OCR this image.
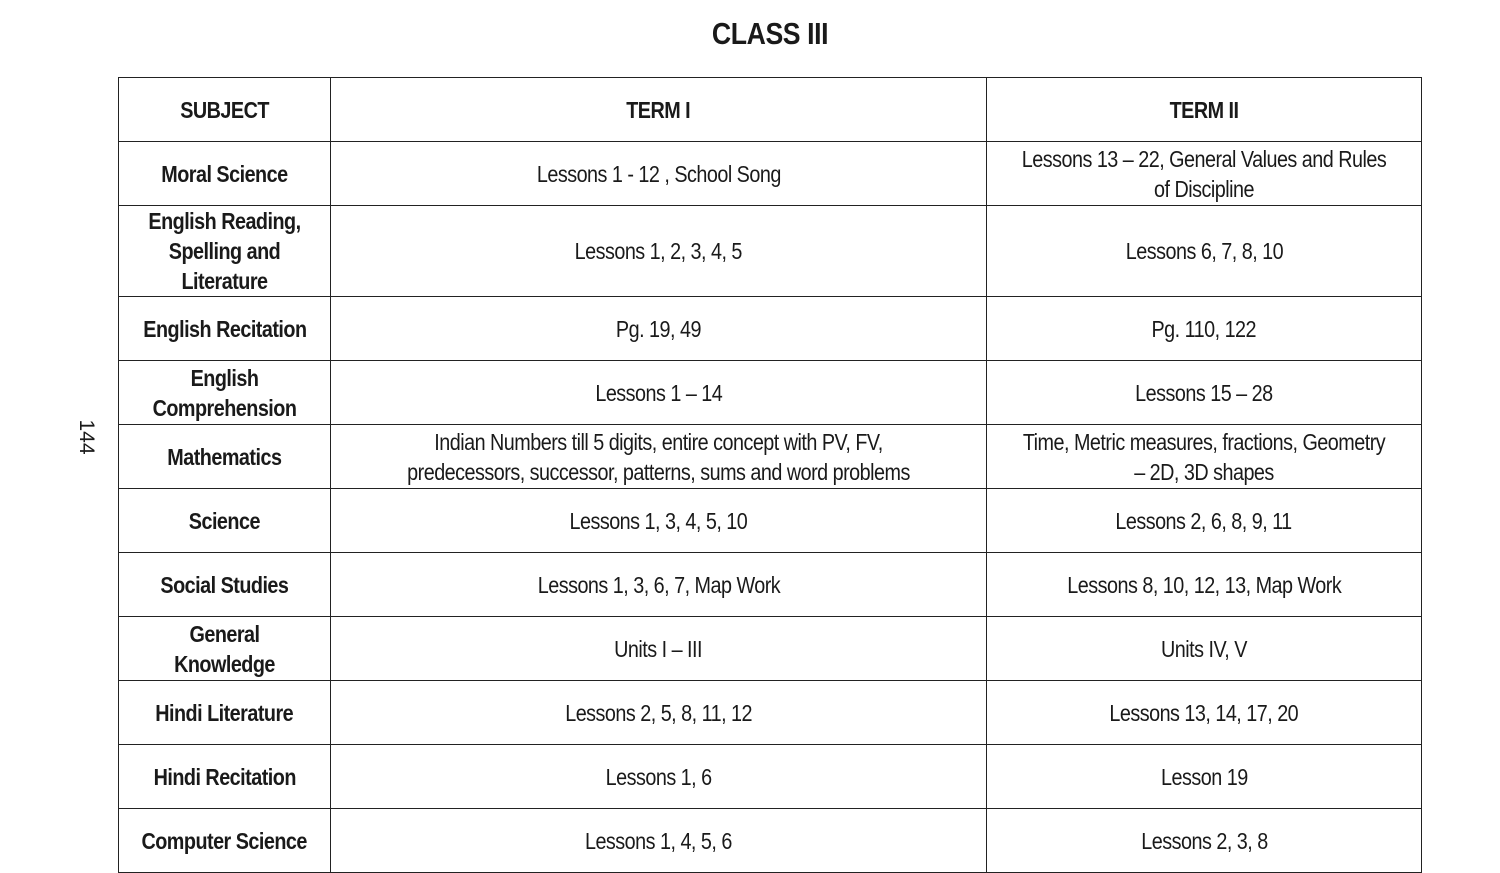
CLASS III
144
SUBJECT	TERM I	TERM II
Moral Science	Lessons 1 - 12 , School Song	Lessons 13 – 22, General Values and Rules of Discipline
English Reading, Spelling and Literature	Lessons 1, 2, 3, 4, 5	Lessons 6, 7, 8, 10
English Recitation	Pg. 19, 49	Pg. 110, 122
English Comprehension	Lessons 1 – 14	Lessons 15 – 28
Mathematics	Indian Numbers till 5 digits, entire concept with PV, FV, predecessors, successor, patterns, sums and word problems	Time, Metric measures, fractions, Geometry – 2D, 3D shapes
Science	Lessons 1, 3, 4, 5, 10	Lessons 2, 6, 8, 9, 11
Social Studies	Lessons 1, 3, 6, 7, Map Work	Lessons 8, 10, 12, 13, Map Work
General Knowledge	Units I – III	Units IV, V
Hindi Literature	Lessons 2, 5, 8, 11, 12	Lessons 13, 14, 17, 20
Hindi Recitation	Lessons 1, 6	Lesson 19
Computer Science	Lessons 1, 4, 5, 6	Lessons 2, 3, 8
